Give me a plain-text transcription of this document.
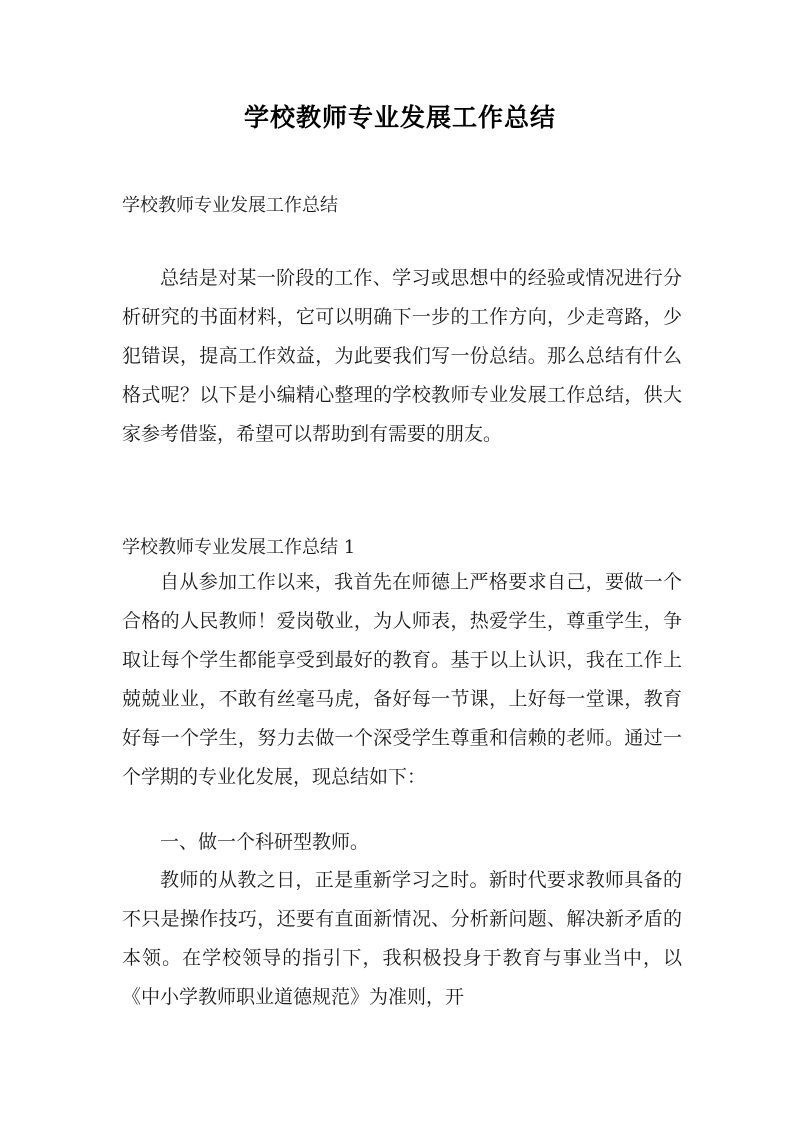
学校教师专业发展工作总结
学校教师专业发展工作总结

总结是对某一阶段的工作、学习或思想中的经验或情况进行分析研究的书面材料，它可以明确下一步的工作方向，少走弯路，少犯错误，提高工作效益，为此要我们写一份总结。那么总结有什么格式呢？以下是小编精心整理的学校教师专业发展工作总结，供大家参考借鉴，希望可以帮助到有需要的朋友。

学校教师专业发展工作总结 1

自从参加工作以来，我首先在师德上严格要求自己，要做一个合格的人民教师！爱岗敬业，为人师表，热爱学生，尊重学生，争取让每个学生都能享受到最好的教育。基于以上认识，我在工作上兢兢业业，不敢有丝毫马虎，备好每一节课，上好每一堂课，教育好每一个学生，努力去做一个深受学生尊重和信赖的老师。通过一个学期的专业化发展，现总结如下：

一、做一个科研型教师。

教师的从教之日，正是重新学习之时。新时代要求教师具备的不只是操作技巧，还要有直面新情况、分析新问题、解决新矛盾的本领。在学校领导的指引下，我积极投身于教育与事业当中，以《中小学教师职业道德规范》为准则，开
